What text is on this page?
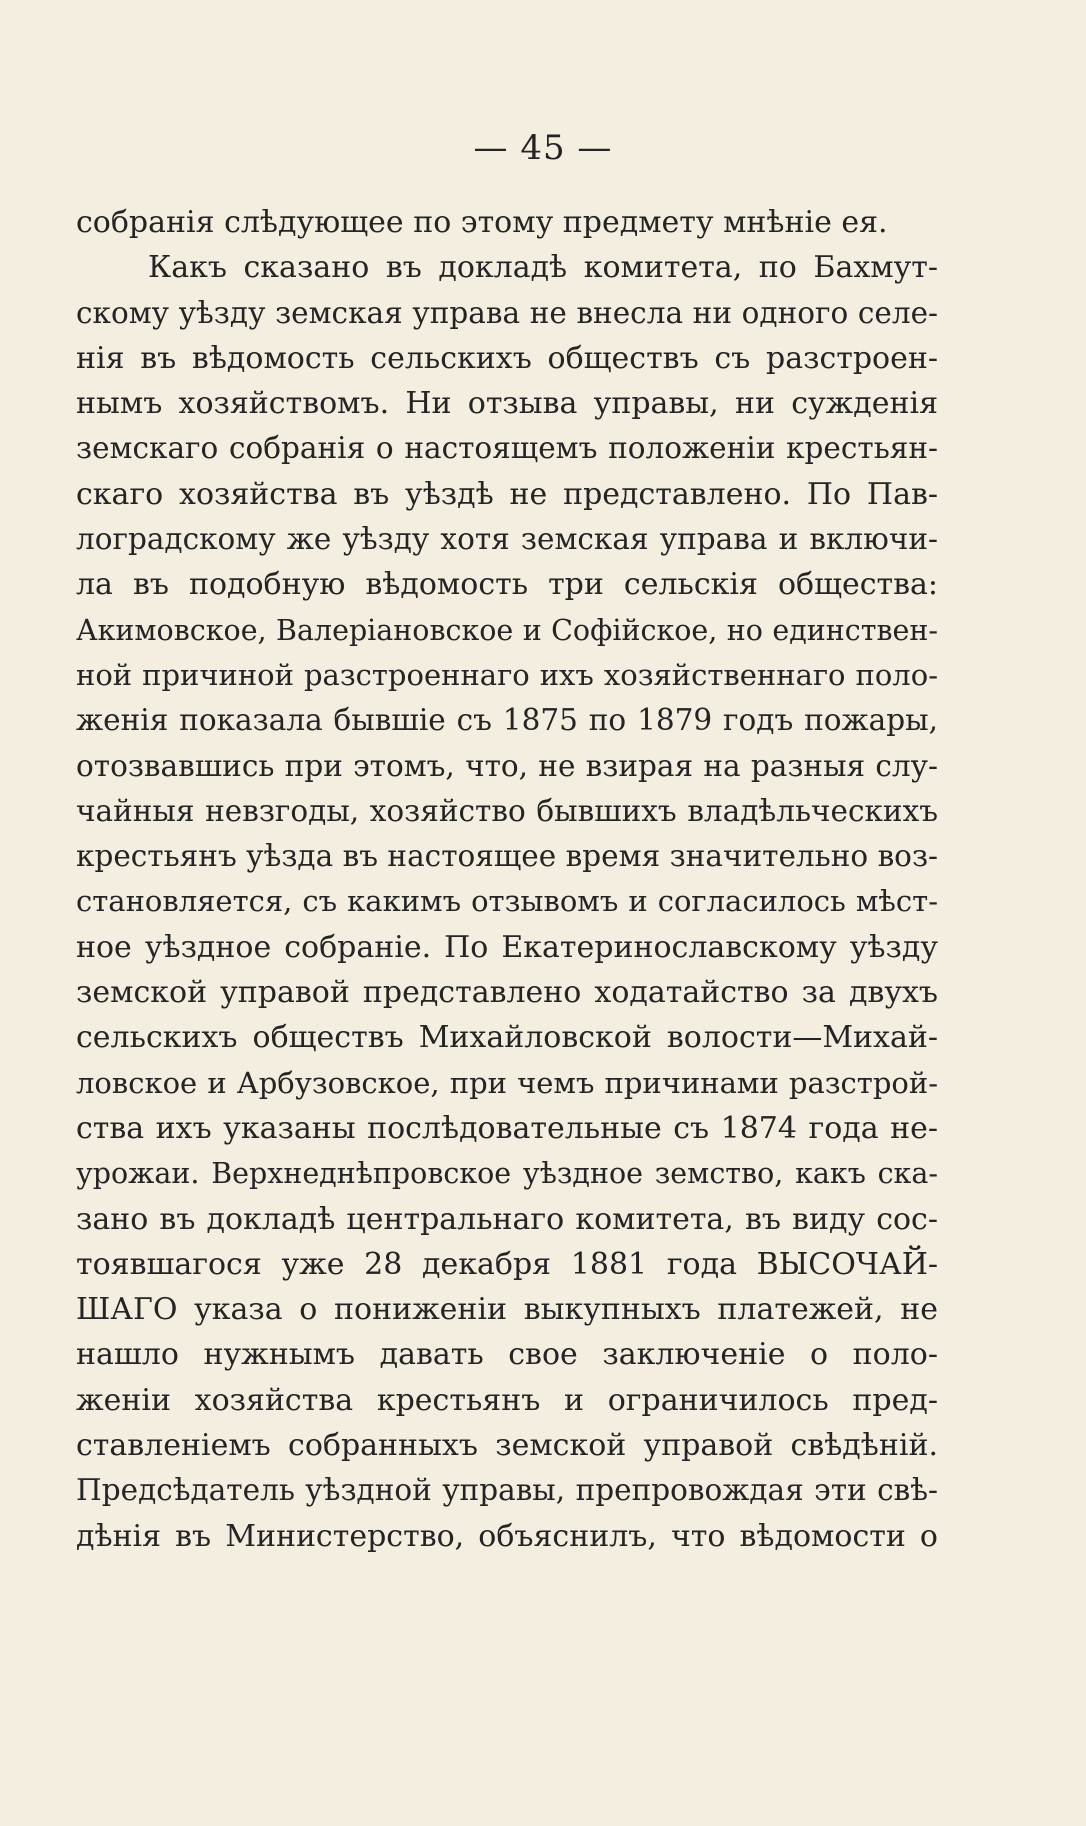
— 45 —
собранія слѣдующее по этому предмету мнѣніе ея.
Какъ сказано въ докладѣ комитета, по Бахмут-
скому уѣзду земская управа не внесла ни одного селе-
нія въ вѣдомость сельскихъ обществъ съ разстроен-
нымъ хозяйствомъ. Ни отзыва управы, ни сужденія
земскаго собранія о настоящемъ положеніи крестьян-
скаго хозяйства въ уѣздѣ не представлено. По Пав-
лоградскому же уѣзду хотя земская управа и включи-
ла въ подобную вѣдомость три сельскія общества:
Акимовское, Валеріановское и Софійское, но единствен-
ной причиной разстроеннаго ихъ хозяйственнаго поло-
женія показала бывшіе съ 1875 по 1879 годъ пожары,
отозвавшись при этомъ, что, не взирая на разныя слу-
чайныя невзгоды, хозяйство бывшихъ владѣльческихъ
крестьянъ уѣзда въ настоящее время значительно воз-
становляется, съ какимъ отзывомъ и согласилось мѣст-
ное уѣздное собраніе. По Екатеринославскому уѣзду
земской управой представлено ходатайство за двухъ
сельскихъ обществъ Михайловской волости—Михай-
ловское и Арбузовское, при чемъ причинами разстрой-
ства ихъ указаны послѣдовательные съ 1874 года не-
урожаи. Верхнеднѣпровское уѣздное земство, какъ ска-
зано въ докладѣ центральнаго комитета, въ виду сос-
тоявшагося уже 28 декабря 1881 года ВЫСОЧАЙ-
ШАГО указа о пониженіи выкупныхъ платежей, не
нашло нужнымъ давать свое заключеніе о поло-
женіи хозяйства крестьянъ и ограничилось пред-
ставленіемъ собранныхъ земской управой свѣдѣній.
Предсѣдатель уѣздной управы, препровождая эти свѣ-
дѣнія въ Министерство, объяснилъ, что вѣдомости о
